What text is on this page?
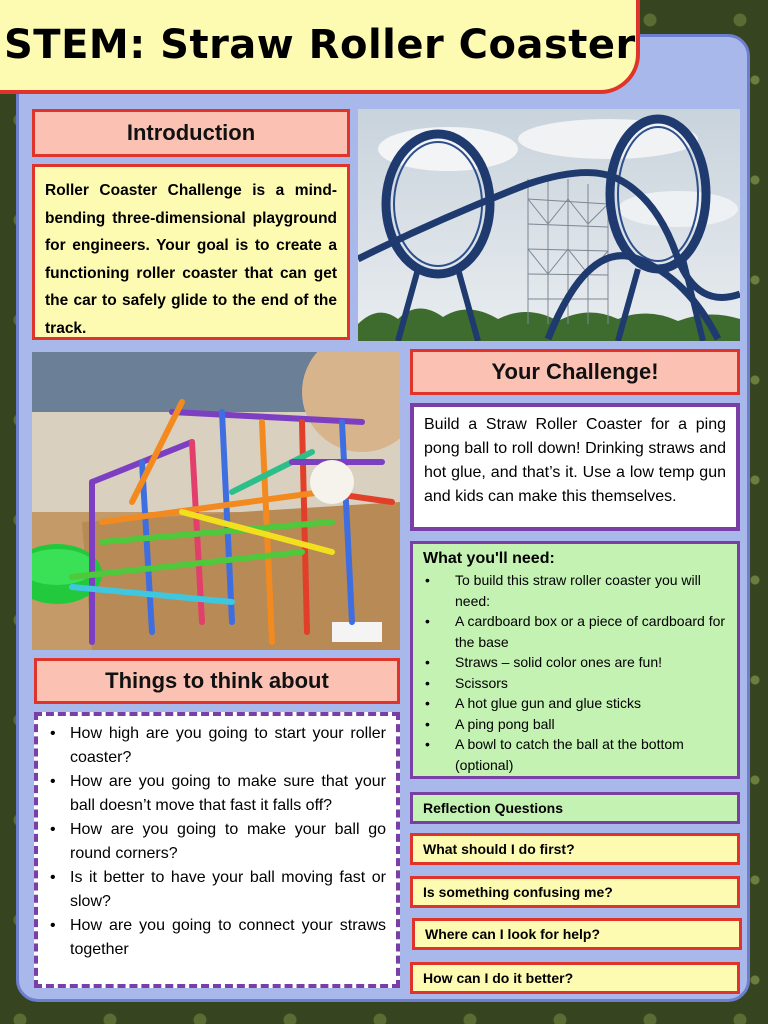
STEM: Straw Roller Coaster
Introduction
Roller Coaster Challenge is a mind-bending three-dimensional playground for engineers. Your goal is to create a functioning roller coaster that can get the car to safely glide to the end of the track.
Your Challenge!
Build a Straw Roller Coaster for a ping pong ball to roll down! Drinking straws and hot glue, and that’s it. Use a low temp gun and kids can make this themselves.
What you'll need:
• To build this straw roller coaster you will need:
• A cardboard box or a piece of cardboard for the base
• Straws – solid color ones are fun!
• Scissors
• A hot glue gun and glue sticks
• A ping pong ball
• A bowl to catch the ball at the bottom (optional)
Things to think about
• How high are you going to start your roller coaster?
• How are you going to make sure that your ball doesn’t move that fast it falls off?
• How are you going to make your ball go round corners?
• Is it better to have your ball moving fast or slow?
• How are you going to connect your straws together
Reflection Questions
What should I do first?
Is something confusing me?
Where can I look for help?
How can I do it better?
